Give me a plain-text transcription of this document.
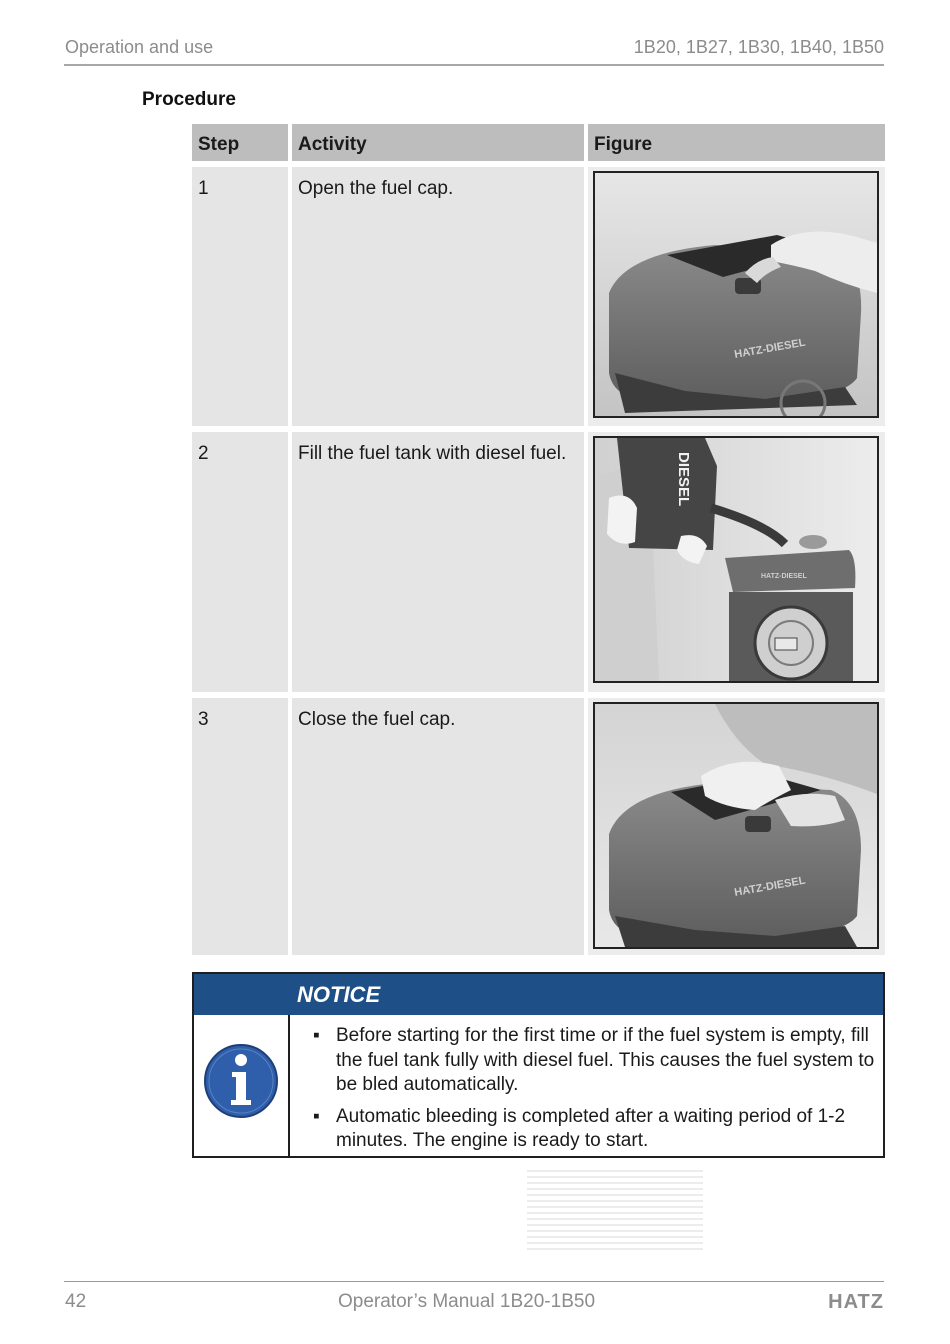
Operation and use	1B20, 1B27, 1B30, 1B40, 1B50
Procedure
Step	Activity	Figure
1	Open the fuel cap.	HATZ-DIESEL

2	Fill the fuel tank with diesel fuel.	DIESEL
HATZ-DIESEL

3	Close the fuel cap.	HATZ-DIESEL
NOTICE
▪ Before starting for the first time or if the fuel system is empty, fill the fuel tank fully with diesel fuel. This causes the fuel system to be bled automatically.
▪ Automatic bleeding is completed after a waiting period of 1-2 minutes. The engine is ready to start.
42	Operator’s Manual 1B20-1B50	HATZ
